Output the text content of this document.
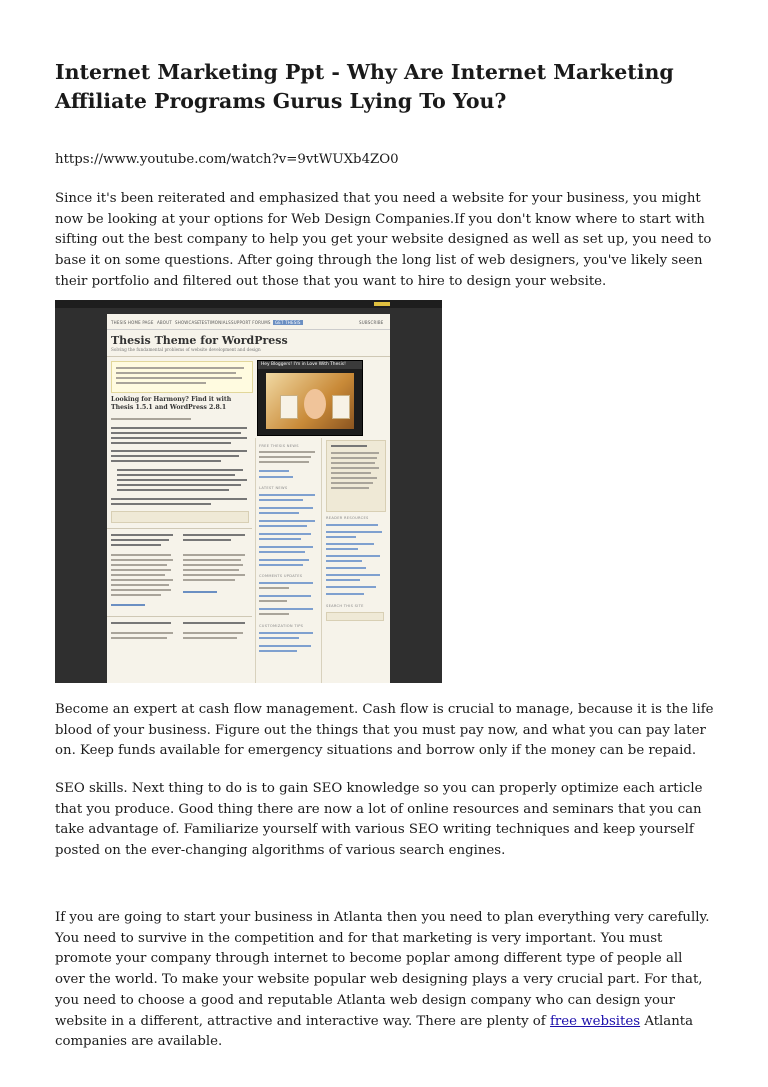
Internet Marketing Ppt - Why Are Internet Marketing Affiliate Programs Gurus Lying To You?

https://www.youtube.com/watch?v=9vtWUXb4ZO0

Since it's been reiterated and emphasized that you need a website for your business, you might now be looking at your options for Web Design Companies.If you don't know where to start with sifting out the best company to help you get your website designed as well as set up, you need to base it on some questions. After going through the long list of web designers, you've likely seen their portfolio and filtered out those that you want to hire to design your website.

THESIS HOME PAGE ABOUT SHOWCASE TESTIMONIALS SUPPORT FORUMS	GET THESIS	SUBSCRIBE
Thesis Theme for WordPress
Solving the fundamental problems of website development and design
Hey Bloggers! I'm in Love With Thesis!
Looking for Harmony? Find it with Thesis 1.5.1 and WordPress 2.8.1
FREE THESIS NEWS
LATEST NEWS
COMMENTS UPDATES
CUSTOMIZATION TIPS
READER RESOURCES
SEARCH THIS SITE

Become an expert at cash flow management. Cash flow is crucial to manage, because it is the life blood of your business. Figure out the things that you must pay now, and what you can pay later on. Keep funds available for emergency situations and borrow only if the money can be repaid.

SEO skills. Next thing to do is to gain SEO knowledge so you can properly optimize each article that you produce. Good thing there are now a lot of online resources and seminars that you can take advantage of. Familiarize yourself with various SEO writing techniques and keep yourself posted on the ever-changing algorithms of various search engines.

If you are going to start your business in Atlanta then you need to plan everything very carefully. You need to survive in the competition and for that marketing is very important. You must promote your company through internet to become poplar among different type of people all over the world. To make your website popular web designing plays a very crucial part. For that, you need to choose a good and reputable Atlanta web design company who can design your website in a different, attractive and interactive way. There are plenty of free websites Atlanta companies are available.
